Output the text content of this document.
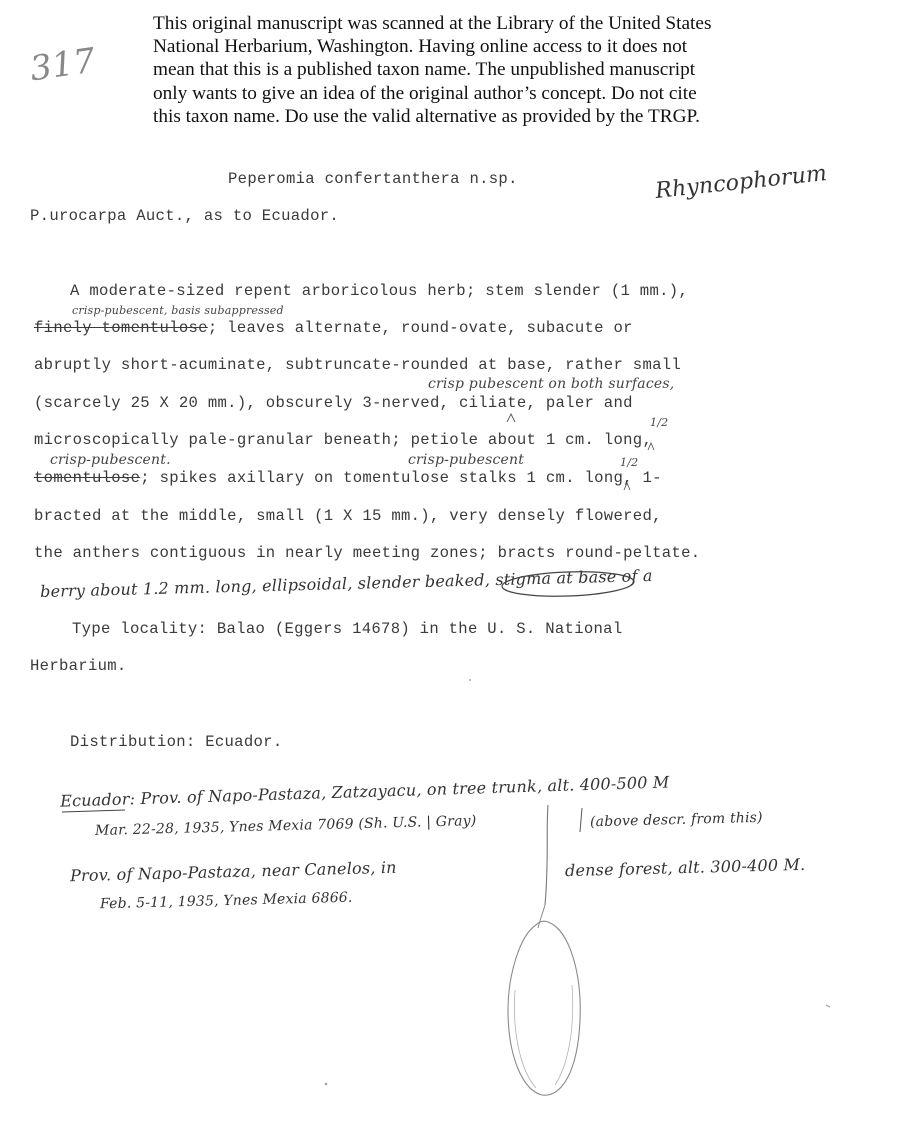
This original manuscript was scanned at the Library of the United States
National Herbarium, Washington. Having online access to it does not
mean that this is a published taxon name. The unpublished manuscript
only wants to give an idea of the original author’s concept. Do not cite
this taxon name. Do use the valid alternative as provided by the TRGP.
317
Peperomia confertanthera n.sp.
P.urocarpa Auct., as to Ecuador.
Rhyncophorum
A moderate-sized repent arboricolous herb; stem slender (1 mm.),
crisp-pubescent, basis subappressed
finely tomentulose; leaves alternate, round-ovate, subacute or
abruptly short-acuminate, subtruncate-rounded at base, rather small
crisp pubescent on both surfaces,
(scarcely 25 X 20 mm.), obscurely 3-nerved, ciliate, paler and
1/2
microscopically pale-granular beneath; petiole about 1 cm. long,
crisp-pubescent.	crisp-pubescent	1/2
tomentulose; spikes axillary on tomentulose stalks 1 cm. long, 1-
bracted at the middle, small (1 X 15 mm.), very densely flowered,
the anthers contiguous in nearly meeting zones; bracts round-peltate.
berry about 1.2 mm. long, ellipsoidal, slender beaked, stigma at base of a
Type locality: Balao (Eggers 14678) in the U. S. National
Herbarium.
Distribution: Ecuador.
Ecuador: Prov. of Napo-Pastaza, Zatzayacu, on tree trunk, alt. 400-500 M
Mar. 22-28, 1935, Ynes Mexia 7069 (Sh. U.S. | Gray)	(above descr. from this)
Prov. of Napo-Pastaza, near Canelos, in	dense forest, alt. 300-400 M.
Feb. 5-11, 1935, Ynes Mexia 6866.
